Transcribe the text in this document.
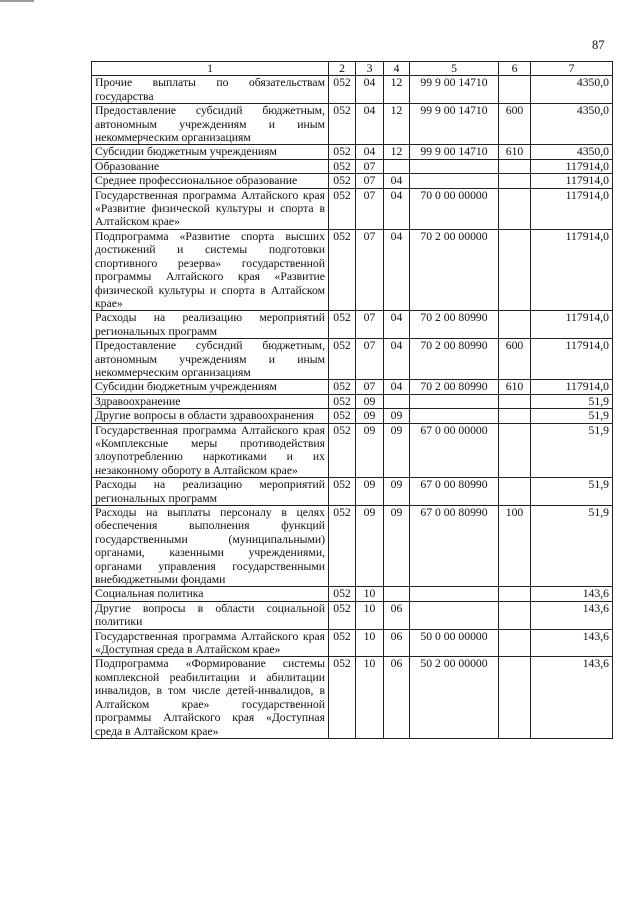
87
1	2	3	4	5	6	7
Прочие выплаты по обязательствам государства	052	04	12	99 9 00 14710		4350,0
Предоставление субсидий бюджетным, автономным учреждениям и иным некоммерческим организациям	052	04	12	99 9 00 14710	600	4350,0
Субсидии бюджетным учреждениям	052	04	12	99 9 00 14710	610	4350,0
Образование	052	07				117914,0
Среднее профессиональное образование	052	07	04			117914,0
Государственная программа Алтайского края «Развитие физической культуры и спорта в Алтайском крае»	052	07	04	70 0 00 00000		117914,0
Подпрограмма «Развитие спорта высших достижений и системы подготовки спортивного резерва» государственной программы Алтайского края «Развитие физической культуры и спорта в Алтайском крае»	052	07	04	70 2 00 00000		117914,0
Расходы на реализацию мероприятий региональных программ	052	07	04	70 2 00 80990		117914,0
Предоставление субсидий бюджетным, автономным учреждениям и иным некоммерческим организациям	052	07	04	70 2 00 80990	600	117914,0
Субсидии бюджетным учреждениям	052	07	04	70 2 00 80990	610	117914,0
Здравоохранение	052	09				51,9
Другие вопросы в области здравоохранения	052	09	09			51,9
Государственная программа Алтайского края «Комплексные меры противодействия злоупотреблению наркотиками и их незаконному обороту в Алтайском крае»	052	09	09	67 0 00 00000		51,9
Расходы на реализацию мероприятий региональных программ	052	09	09	67 0 00 80990		51,9
Расходы на выплаты персоналу в целях обеспечения выполнения функций государственными (муниципальными) органами, казенными учреждениями, органами управления государственными внебюджетными фондами	052	09	09	67 0 00 80990	100	51,9
Социальная политика	052	10				143,6
Другие вопросы в области социальной политики	052	10	06			143,6
Государственная программа Алтайского края «Доступная среда в Алтайском крае»	052	10	06	50 0 00 00000		143,6
Подпрограмма «Формирование системы комплексной реабилитации и абилитации инвалидов, в том числе детей-инвалидов, в Алтайском крае» государственной программы Алтайского края «Доступная среда в Алтайском крае»	052	10	06	50 2 00 00000		143,6
